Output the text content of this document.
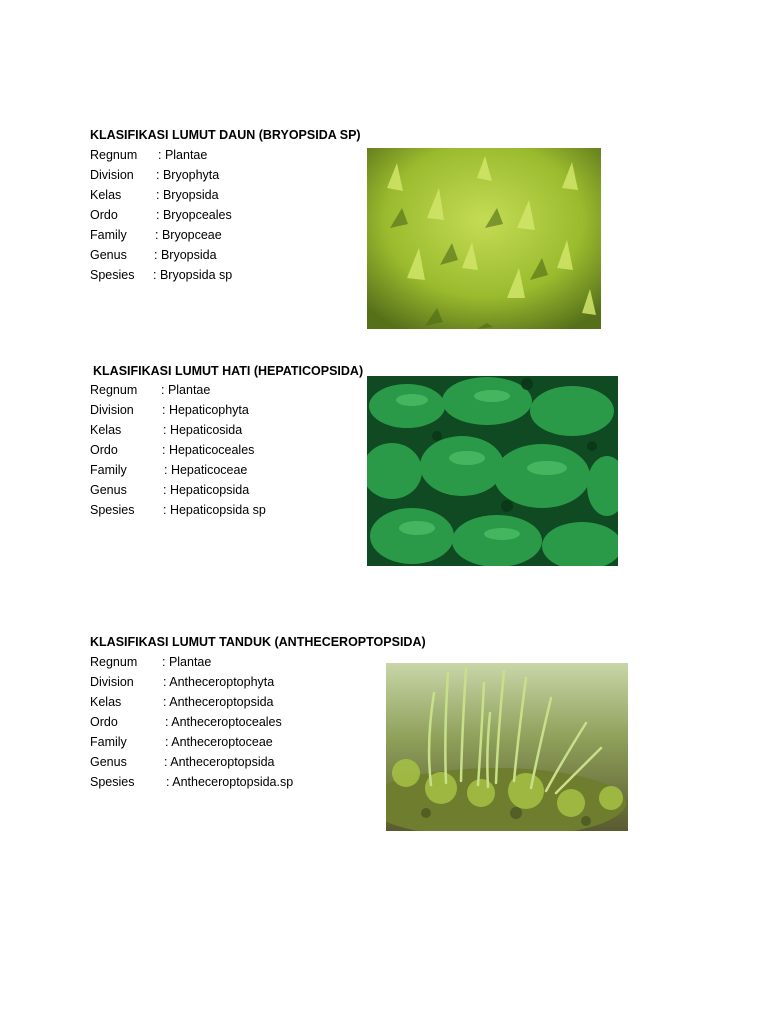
KLASIFIKASI LUMUT DAUN (BRYOPSIDA SP)
Regnum : Plantae
Division : Bryophyta
Kelas	: Bryopsida
Ordo	: Bryopceales
Family : Bryopceae
Genus : Bryopsida
Spesies : Bryopsida sp
KLASIFIKASI LUMUT HATI (HEPATICOPSIDA)
Regnum : Plantae
Division : Hepaticophyta
Kelas	: Hepaticosida
Ordo	: Hepaticoceales
Family	: Hepaticoceae
Genus	: Hepaticopsida
Spesies : Hepaticopsida sp
KLASIFIKASI LUMUT TANDUK (ANTHECEROPTOPSIDA)
Regnum : Plantae
Division : Antheceroptophyta
Kelas	: Antheceroptopsida
Ordo	: Antheceroptoceales
Family	: Antheceroptoceae
Genus	: Antheceroptopsida
Spesies	: Antheceroptopsida.sp
